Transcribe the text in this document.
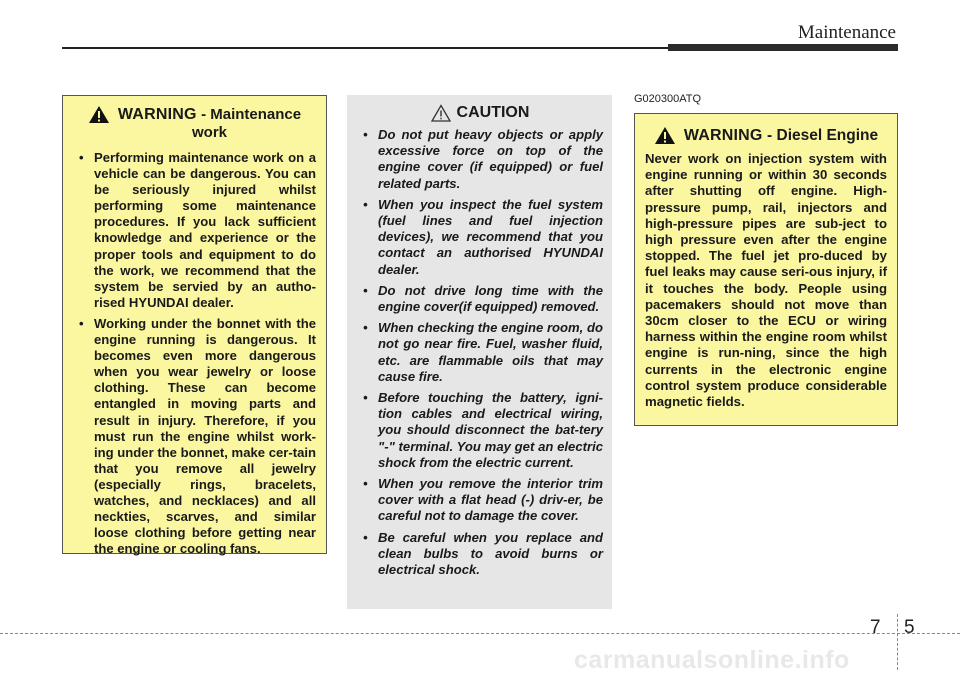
Maintenance
WARNING - Maintenance
work
• Performing maintenance work on a vehicle can be dangerous. You can be seriously injured whilst performing some maintenance procedures. If you lack sufficient knowledge and experience or the proper tools and equipment to do the work, we recommend that the system be servied by an autho-rised HYUNDAI dealer.
• Working under the bonnet with the engine running is dangerous. It becomes even more dangerous when you wear jewelry or loose clothing. These can become entangled in moving parts and result in injury. Therefore, if you must run the engine whilst work-ing under the bonnet, make cer-tain that you remove all jewelry (especially rings, bracelets, watches, and necklaces) and all neckties, scarves, and similar loose clothing before getting near the engine or cooling fans.
CAUTION
• Do not put heavy objects or apply excessive force on top of the engine cover (if equipped) or fuel related parts.
• When you inspect the fuel system (fuel lines and fuel injection devices), we recommend that you contact an authorised HYUNDAI dealer.
• Do not drive long time with the engine cover(if equipped) removed.
• When checking the engine room, do not go near fire. Fuel, washer fluid, etc. are flammable oils that may cause fire.
• Before touching the battery, igni-tion cables and electrical wiring, you should disconnect the bat-tery "-" terminal. You may get an electric shock from the electric current.
• When you remove the interior trim cover with a flat head (-) driv-er, be careful not to damage the cover.
• Be careful when you replace and clean bulbs to avoid burns or electrical shock.
G020300ATQ
WARNING - Diesel Engine

Never work on injection system with engine running or within 30 seconds after shutting off engine. High-pressure pump, rail, injectors and high-pressure pipes are sub-ject to high pressure even after the engine stopped. The fuel jet pro-duced by fuel leaks may cause seri-ous injury, if it touches the body. People using pacemakers should not move than 30cm closer to the ECU or wiring harness within the engine room whilst engine is run-ning, since the high currents in the electronic engine control system produce considerable magnetic fields.

7 5
carmanualsonline.info
